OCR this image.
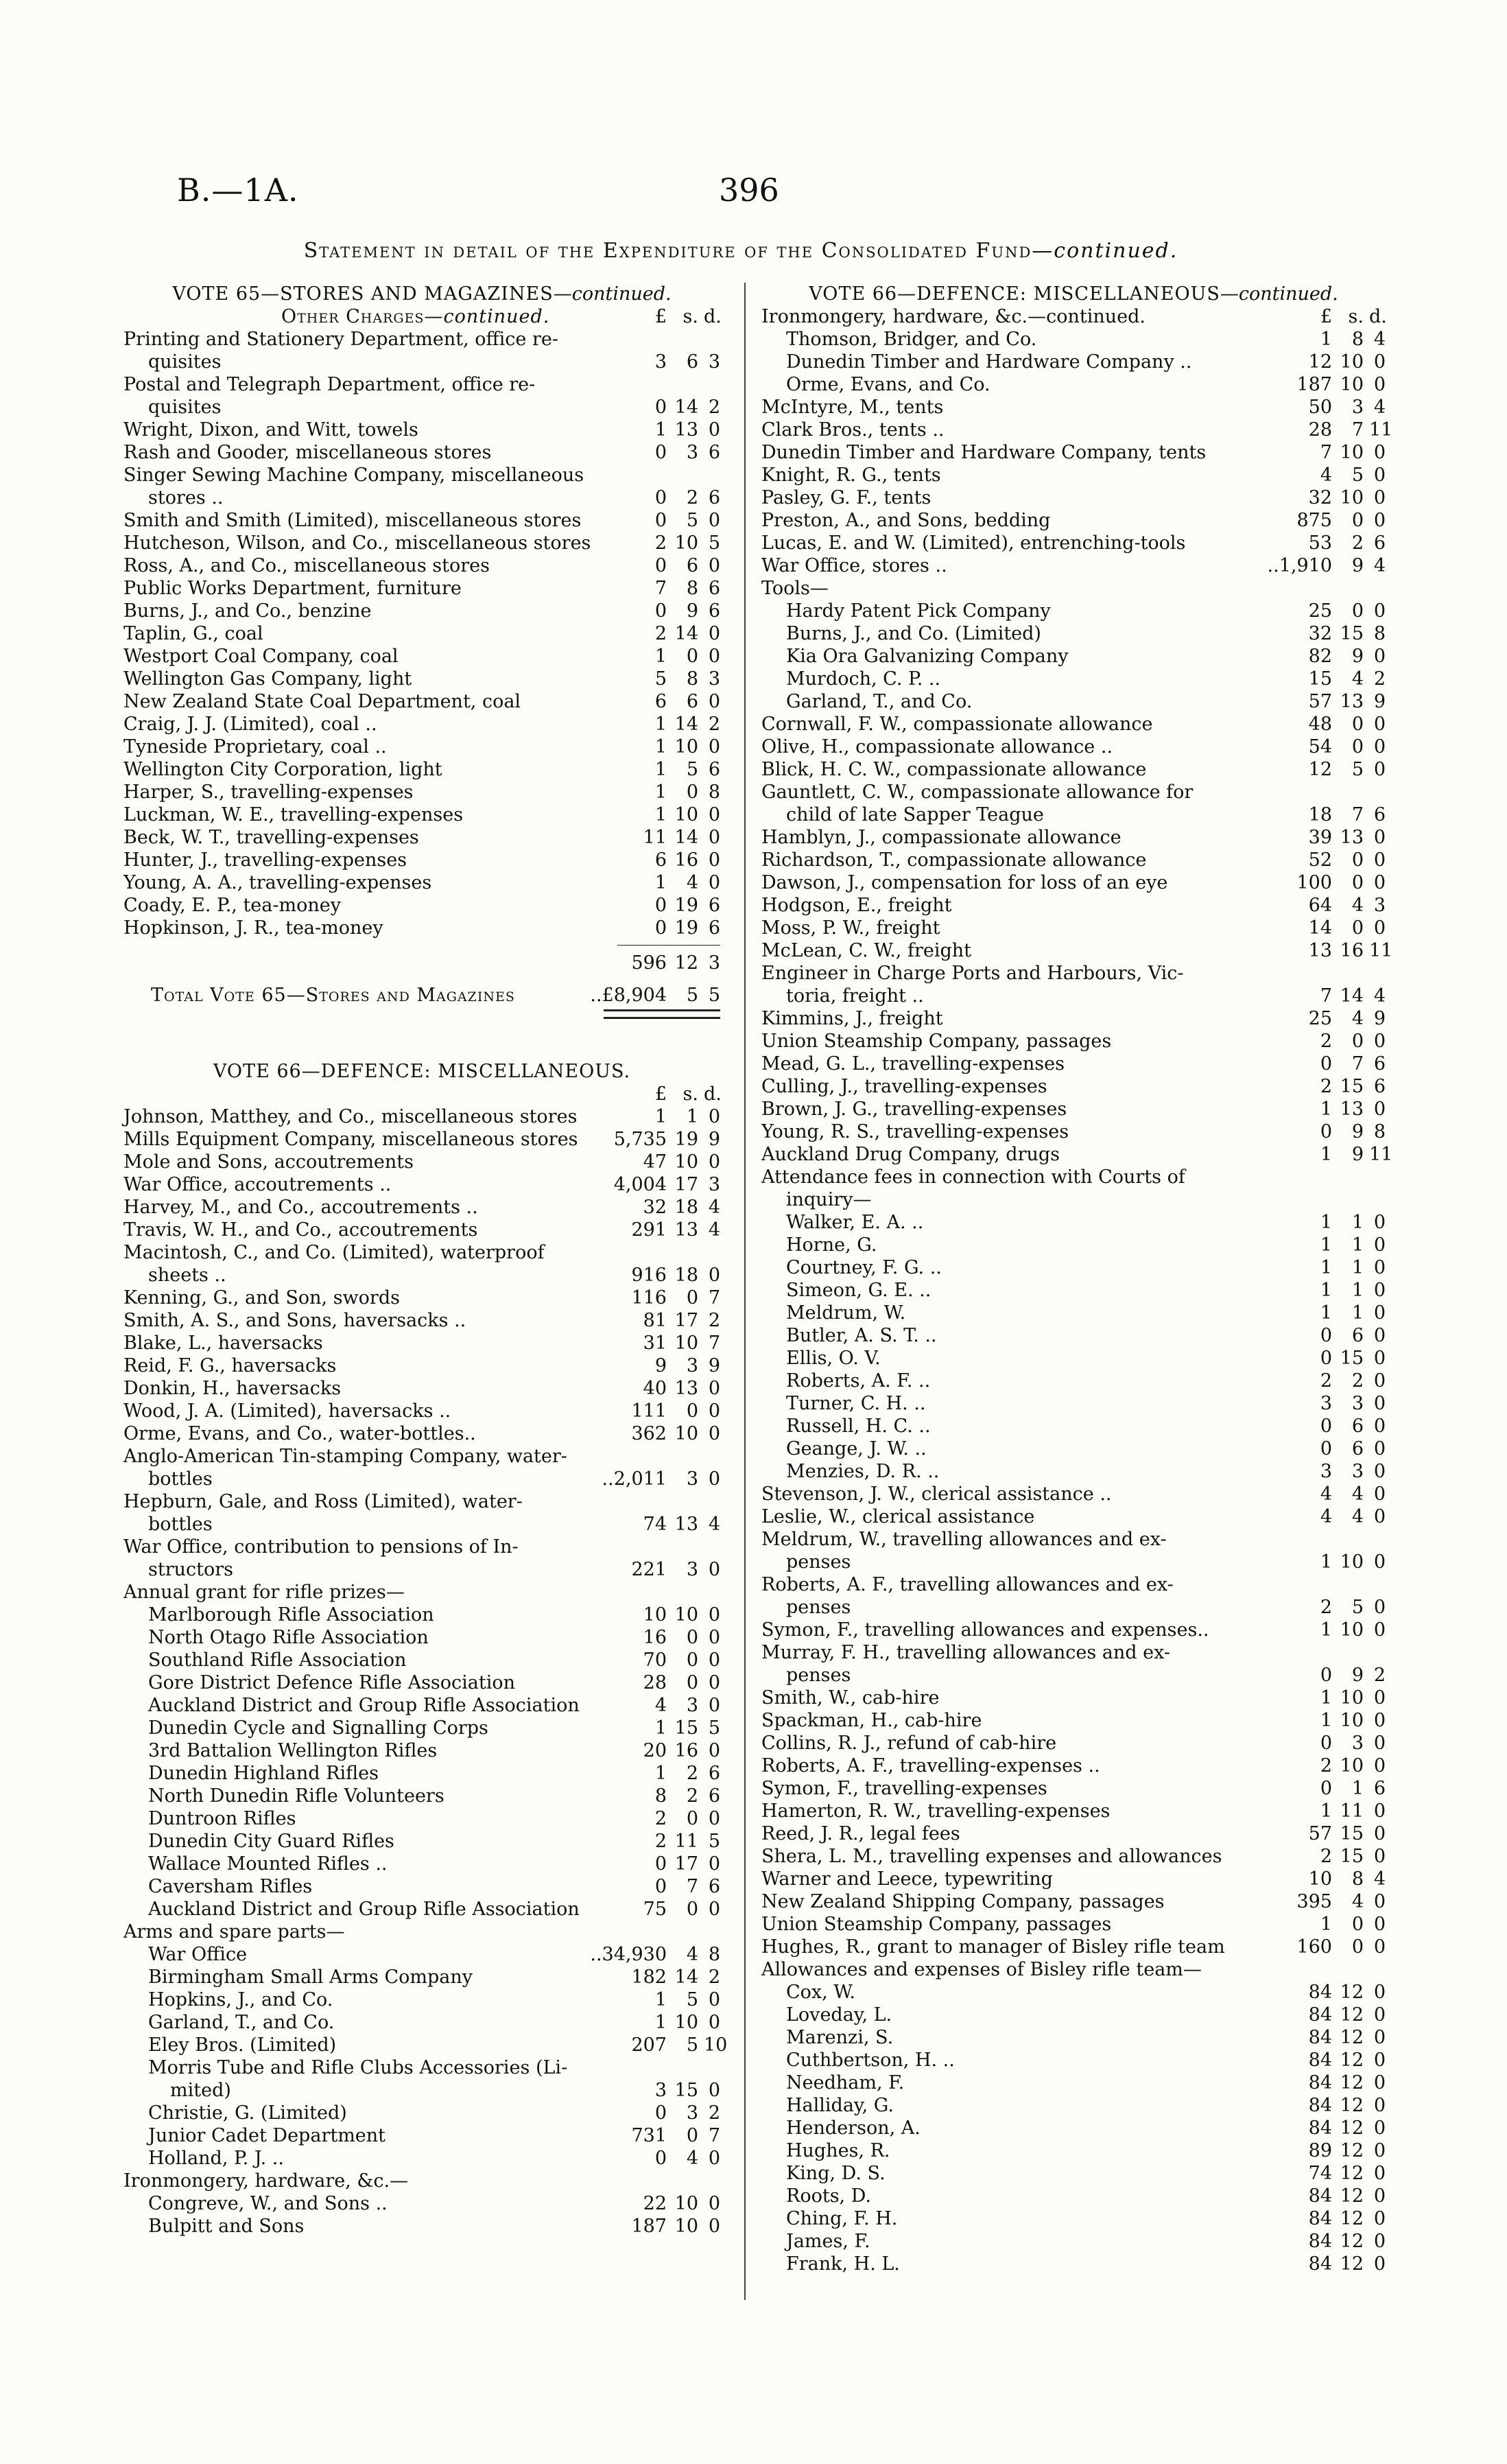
B.—1A.	396
Statement in detail of the Expenditure of the Consolidated Fund—continued.
VOTE 65—STORES AND MAGAZINES—continued.
Other Charges—continued.	£ s. d.
Printing and Stationery Department, office re-
quisites	3	6 3
Postal and Telegraph Department, office re-
quisites	0 14 2
Wright, Dixon, and Witt, towels	1 13 0
Rash and Gooder, miscellaneous stores	0	3 6
Singer Sewing Machine Company, miscellaneous
stores ..	0	2 6
Smith and Smith (Limited), miscellaneous stores	0	5 0
Hutcheson, Wilson, and Co., miscellaneous stores	2 10 5
Ross, A., and Co., miscellaneous stores	0	6 0
Public Works Department, furniture	7	8 6
Burns, J., and Co., benzine	0	9 6
Taplin, G., coal	2 14 0
Westport Coal Company, coal	1	0 0
Wellington Gas Company, light	5	8 3
New Zealand State Coal Department, coal	6	6 0
Craig, J. J. (Limited), coal ..	1 14 2
Tyneside Proprietary, coal ..	1 10 0
Wellington City Corporation, light	1	5 6
Harper, S., travelling-expenses	1	0 8
Luckman, W. E., travelling-expenses	1 10 0
Beck, W. T., travelling-expenses	11 14 0
Hunter, J., travelling-expenses	6 16 0
Young, A. A., travelling-expenses	1	4 0
Coady, E. P., tea-money	0 19 6
Hopkinson, J. R., tea-money	0 19 6
596 12 3
Total Vote 65—Stores and Magazines	..£8,904	5 5
VOTE 66—DEFENCE: MISCELLANEOUS.
£ s. d.
Johnson, Matthey, and Co., miscellaneous stores	1	1 0
Mills Equipment Company, miscellaneous stores 5,735 19 9
Mole and Sons, accoutrements	47 10 0
War Office, accoutrements ..	4,004 17 3
Harvey, M., and Co., accoutrements ..	32 18 4
Travis, W. H., and Co., accoutrements	291 13 4
Macintosh, C., and Co. (Limited), waterproof
sheets ..	916 18 0
Kenning, G., and Son, swords	116	0 7
Smith, A. S., and Sons, haversacks ..	81 17 2
Blake, L., haversacks	31 10 7
Reid, F. G., haversacks	9	3 9
Donkin, H., haversacks	40 13 0
Wood, J. A. (Limited), haversacks ..	111	0 0
Orme, Evans, and Co., water-bottles..	362 10 0
Anglo-American Tin-stamping Company, water-
bottles	..2,011	3 0
Hepburn, Gale, and Ross (Limited), water-
bottles	74 13 4
War Office, contribution to pensions of In-
structors	221	3 0
Annual grant for rifle prizes—
Marlborough Rifle Association	10 10 0
North Otago Rifle Association	16	0 0
Southland Rifle Association	70	0 0
Gore District Defence Rifle Association	28	0 0
Auckland District and Group Rifle Association	4	3 0
Dunedin Cycle and Signalling Corps	1 15 5
3rd Battalion Wellington Rifles	20 16 0
Dunedin Highland Rifles	1	2 6
North Dunedin Rifle Volunteers	8	2 6
Duntroon Rifles	2	0 0
Dunedin City Guard Rifles	2 11 5
Wallace Mounted Rifles ..	0 17 0
Caversham Rifles	0	7 6
Auckland District and Group Rifle Association	75	0 0
Arms and spare parts—
War Office	..34,930	4 8
Birmingham Small Arms Company	182 14 2
Hopkins, J., and Co.	1	5 0
Garland, T., and Co.	1 10 0
Eley Bros. (Limited)	207	5 10
Morris Tube and Rifle Clubs Accessories (Li-
mited)	3 15 0
Christie, G. (Limited)	0	3 2
Junior Cadet Department	731	0 7
Holland, P. J. ..	0	4 0
Ironmongery, hardware, &c.—
Congreve, W., and Sons ..	22 10 0
Bulpitt and Sons	187 10 0
VOTE 66—DEFENCE: MISCELLANEOUS—continued.
Ironmongery, hardware, &c.—continued.	£ s. d.
Thomson, Bridger, and Co.	1	8 4
Dunedin Timber and Hardware Company ..	12 10 0
Orme, Evans, and Co.	187 10 0
McIntyre, M., tents	50	3 4
Clark Bros., tents ..	28	7 11
Dunedin Timber and Hardware Company, tents	7 10 0
Knight, R. G., tents	4	5 0
Pasley, G. F., tents	32 10 0
Preston, A., and Sons, bedding	875	0 0
Lucas, E. and W. (Limited), entrenching-tools	53	2 6
War Office, stores ..	..1,910	9 4
Tools—
Hardy Patent Pick Company	25	0 0
Burns, J., and Co. (Limited)	32 15 8
Kia Ora Galvanizing Company	82	9 0
Murdoch, C. P. ..	15	4 2
Garland, T., and Co.	57 13 9
Cornwall, F. W., compassionate allowance	48	0 0
Olive, H., compassionate allowance ..	54	0 0
Blick, H. C. W., compassionate allowance	12	5 0
Gauntlett, C. W., compassionate allowance for
child of late Sapper Teague	18	7 6
Hamblyn, J., compassionate allowance	39 13 0
Richardson, T., compassionate allowance	52	0 0
Dawson, J., compensation for loss of an eye	100	0 0
Hodgson, E., freight	64	4 3
Moss, P. W., freight	14	0 0
McLean, C. W., freight	13 16 11
Engineer in Charge Ports and Harbours, Vic-
toria, freight ..	7 14 4
Kimmins, J., freight	25	4 9
Union Steamship Company, passages	2	0 0
Mead, G. L., travelling-expenses	0	7 6
Culling, J., travelling-expenses	2 15 6
Brown, J. G., travelling-expenses	1 13 0
Young, R. S., travelling-expenses	0	9 8
Auckland Drug Company, drugs	1	9 11
Attendance fees in connection with Courts of
inquiry—
Walker, E. A. ..	1	1 0
Horne, G.	1	1 0
Courtney, F. G. ..	1	1 0
Simeon, G. E. ..	1	1 0
Meldrum, W.	1	1 0
Butler, A. S. T. ..	0	6 0
Ellis, O. V.	0 15 0
Roberts, A. F. ..	2	2 0
Turner, C. H. ..	3	3 0
Russell, H. C. ..	0	6 0
Geange, J. W. ..	0	6 0
Menzies, D. R. ..	3	3 0
Stevenson, J. W., clerical assistance ..	4	4 0
Leslie, W., clerical assistance	4	4 0
Meldrum, W., travelling allowances and ex-
penses	1 10 0
Roberts, A. F., travelling allowances and ex-
penses	2	5 0
Symon, F., travelling allowances and expenses..	1 10 0
Murray, F. H., travelling allowances and ex-
penses	0	9 2
Smith, W., cab-hire	1 10 0
Spackman, H., cab-hire	1 10 0
Collins, R. J., refund of cab-hire	0	3 0
Roberts, A. F., travelling-expenses ..	2 10 0
Symon, F., travelling-expenses	0	1 6
Hamerton, R. W., travelling-expenses	1 11 0
Reed, J. R., legal fees	57 15 0
Shera, L. M., travelling expenses and allowances	2 15 0
Warner and Leece, typewriting	10	8 4
New Zealand Shipping Company, passages	395	4 0
Union Steamship Company, passages	1	0 0
Hughes, R., grant to manager of Bisley rifle team	160	0 0
Allowances and expenses of Bisley rifle team—
Cox, W.	84 12 0
Loveday, L.	84 12 0
Marenzi, S.	84 12 0
Cuthbertson, H. ..	84 12 0
Needham, F.	84 12 0
Halliday, G.	84 12 0
Henderson, A.	84 12 0
Hughes, R.	89 12 0
King, D. S.	74 12 0
Roots, D.	84 12 0
Ching, F. H.	84 12 0
James, F.	84 12 0
Frank, H. L.	84 12 0
